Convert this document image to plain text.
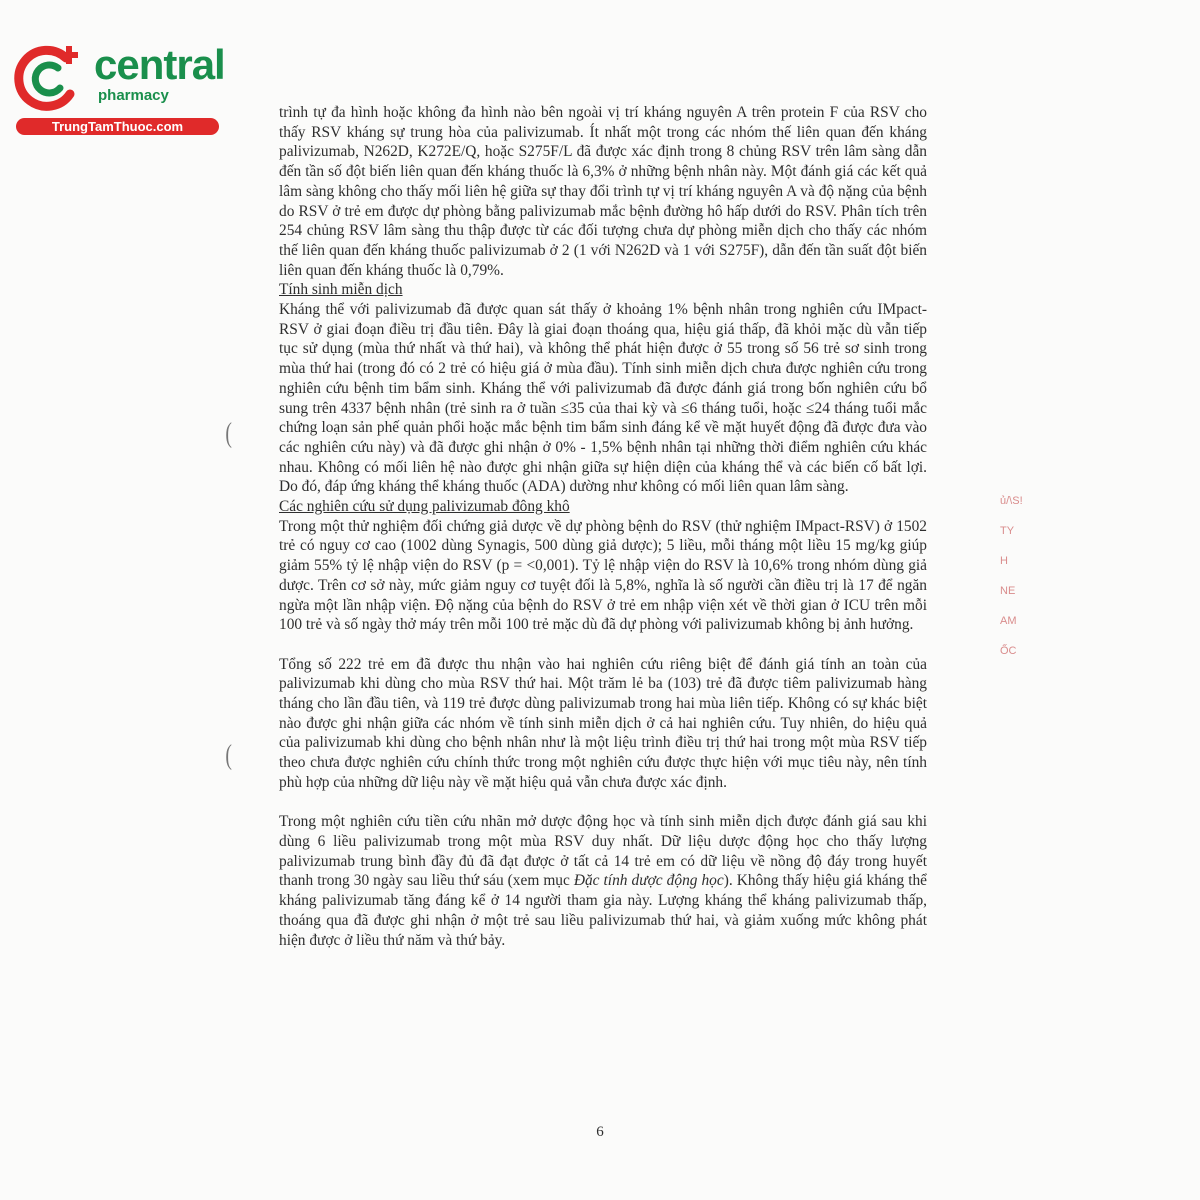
central
pharmacy
TrungTamThuoc.com
(
(
ủ/\S!
TY
H
NE
AM
ỐC

trình tự đa hình hoặc không đa hình nào bên ngoài vị trí kháng nguyên A trên protein F của RSV cho thấy RSV kháng sự trung hòa của palivizumab. Ít nhất một trong các nhóm thế liên quan đến kháng palivizumab, N262D, K272E/Q, hoặc S275F/L đã được xác định trong 8 chủng RSV trên lâm sàng dẫn đến tần số đột biến liên quan đến kháng thuốc là 6,3% ở những bệnh nhân này. Một đánh giá các kết quả lâm sàng không cho thấy mối liên hệ giữa sự thay đổi trình tự vị trí kháng nguyên A và độ nặng của bệnh do RSV ở trẻ em được dự phòng bằng palivizumab mắc bệnh đường hô hấp dưới do RSV. Phân tích trên 254 chủng RSV lâm sàng thu thập được từ các đối tượng chưa dự phòng miễn dịch cho thấy các nhóm thế liên quan đến kháng thuốc palivizumab ở 2 (1 với N262D và 1 với S275F), dẫn đến tần suất đột biến liên quan đến kháng thuốc là 0,79%.

Tính sinh miễn dịch

Kháng thể với palivizumab đã được quan sát thấy ở khoảng 1% bệnh nhân trong nghiên cứu IMpact-RSV ở giai đoạn điều trị đầu tiên. Đây là giai đoạn thoáng qua, hiệu giá thấp, đã khỏi mặc dù vẫn tiếp tục sử dụng (mùa thứ nhất và thứ hai), và không thể phát hiện được ở 55 trong số 56 trẻ sơ sinh trong mùa thứ hai (trong đó có 2 trẻ có hiệu giá ở mùa đầu). Tính sinh miễn dịch chưa được nghiên cứu trong nghiên cứu bệnh tim bẩm sinh. Kháng thể với palivizumab đã được đánh giá trong bốn nghiên cứu bổ sung trên 4337 bệnh nhân (trẻ sinh ra ở tuần ≤35 của thai kỳ và ≤6 tháng tuổi, hoặc ≤24 tháng tuổi mắc chứng loạn sản phế quản phổi hoặc mắc bệnh tim bẩm sinh đáng kể về mặt huyết động đã được đưa vào các nghiên cứu này) và đã được ghi nhận ở 0% - 1,5% bệnh nhân tại những thời điểm nghiên cứu khác nhau. Không có mối liên hệ nào được ghi nhận giữa sự hiện diện của kháng thể và các biến cố bất lợi. Do đó, đáp ứng kháng thể kháng thuốc (ADA) dường như không có mối liên quan lâm sàng.

Các nghiên cứu sử dụng palivizumab đông khô

Trong một thử nghiệm đối chứng giả dược về dự phòng bệnh do RSV (thử nghiệm IMpact-RSV) ở 1502 trẻ có nguy cơ cao (1002 dùng Synagis, 500 dùng giả dược); 5 liều, mỗi tháng một liều 15 mg/kg giúp giảm 55% tỷ lệ nhập viện do RSV (p = <0,001). Tỷ lệ nhập viện do RSV là 10,6% trong nhóm dùng giả dược. Trên cơ sở này, mức giảm nguy cơ tuyệt đối là 5,8%, nghĩa là số người cần điều trị là 17 để ngăn ngừa một lần nhập viện. Độ nặng của bệnh do RSV ở trẻ em nhập viện xét về thời gian ở ICU trên mỗi 100 trẻ và số ngày thở máy trên mỗi 100 trẻ mặc dù đã dự phòng với palivizumab không bị ảnh hưởng.

Tổng số 222 trẻ em đã được thu nhận vào hai nghiên cứu riêng biệt để đánh giá tính an toàn của palivizumab khi dùng cho mùa RSV thứ hai. Một trăm lẻ ba (103) trẻ đã được tiêm palivizumab hàng tháng cho lần đầu tiên, và 119 trẻ được dùng palivizumab trong hai mùa liên tiếp. Không có sự khác biệt nào được ghi nhận giữa các nhóm về tính sinh miễn dịch ở cả hai nghiên cứu. Tuy nhiên, do hiệu quả của palivizumab khi dùng cho bệnh nhân như là một liệu trình điều trị thứ hai trong một mùa RSV tiếp theo chưa được nghiên cứu chính thức trong một nghiên cứu được thực hiện với mục tiêu này, nên tính phù hợp của những dữ liệu này về mặt hiệu quả vẫn chưa được xác định.

Trong một nghiên cứu tiền cứu nhãn mở dược động học và tính sinh miễn dịch được đánh giá sau khi dùng 6 liều palivizumab trong một mùa RSV duy nhất. Dữ liệu dược động học cho thấy lượng palivizumab trung bình đầy đủ đã đạt được ở tất cả 14 trẻ em có dữ liệu về nồng độ đáy trong huyết thanh trong 30 ngày sau liều thứ sáu (xem mục Đặc tính dược động học). Không thấy hiệu giá kháng thể kháng palivizumab tăng đáng kể ở 14 người tham gia này. Lượng kháng thể kháng palivizumab thấp, thoáng qua đã được ghi nhận ở một trẻ sau liều palivizumab thứ hai, và giảm xuống mức không phát hiện được ở liều thứ năm và thứ bảy.

6
